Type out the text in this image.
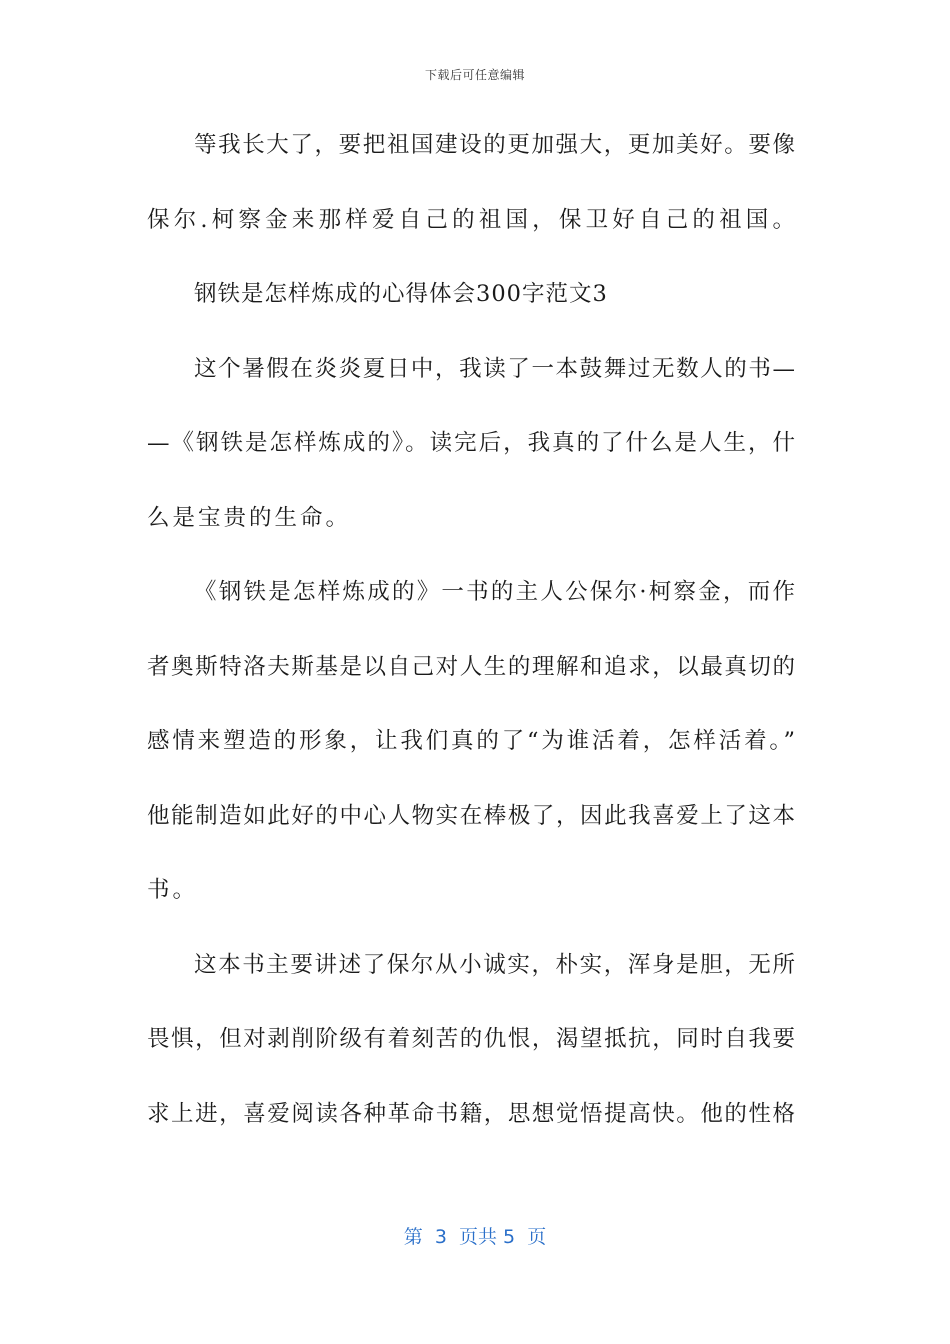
下载后可任意编辑
等我长大了，要把祖国建设的更加强大，更加美好。要像
保尔.柯察金来那样爱自己的祖国，保卫好自己的祖国。
钢铁是怎样炼成的心得体会300字范文3
这个暑假在炎炎夏日中，我读了一本鼓舞过无数人的书—
—《钢铁是怎样炼成的》。读完后，我真的了什么是人生，什
么是宝贵的生命。
《钢铁是怎样炼成的》一书的主人公保尔·柯察金，而作
者奥斯特洛夫斯基是以自己对人生的理解和追求，以最真切的
感情来塑造的形象，让我们真的了“为谁活着，怎样活着。”
他能制造如此好的中心人物实在棒极了，因此我喜爱上了这本
书。
这本书主要讲述了保尔从小诚实，朴实，浑身是胆，无所
畏惧，但对剥削阶级有着刻苦的仇恨，渴望抵抗，同时自我要
求上进，喜爱阅读各种革命书籍，思想觉悟提高快。他的性格
第  3  页共 5  页
